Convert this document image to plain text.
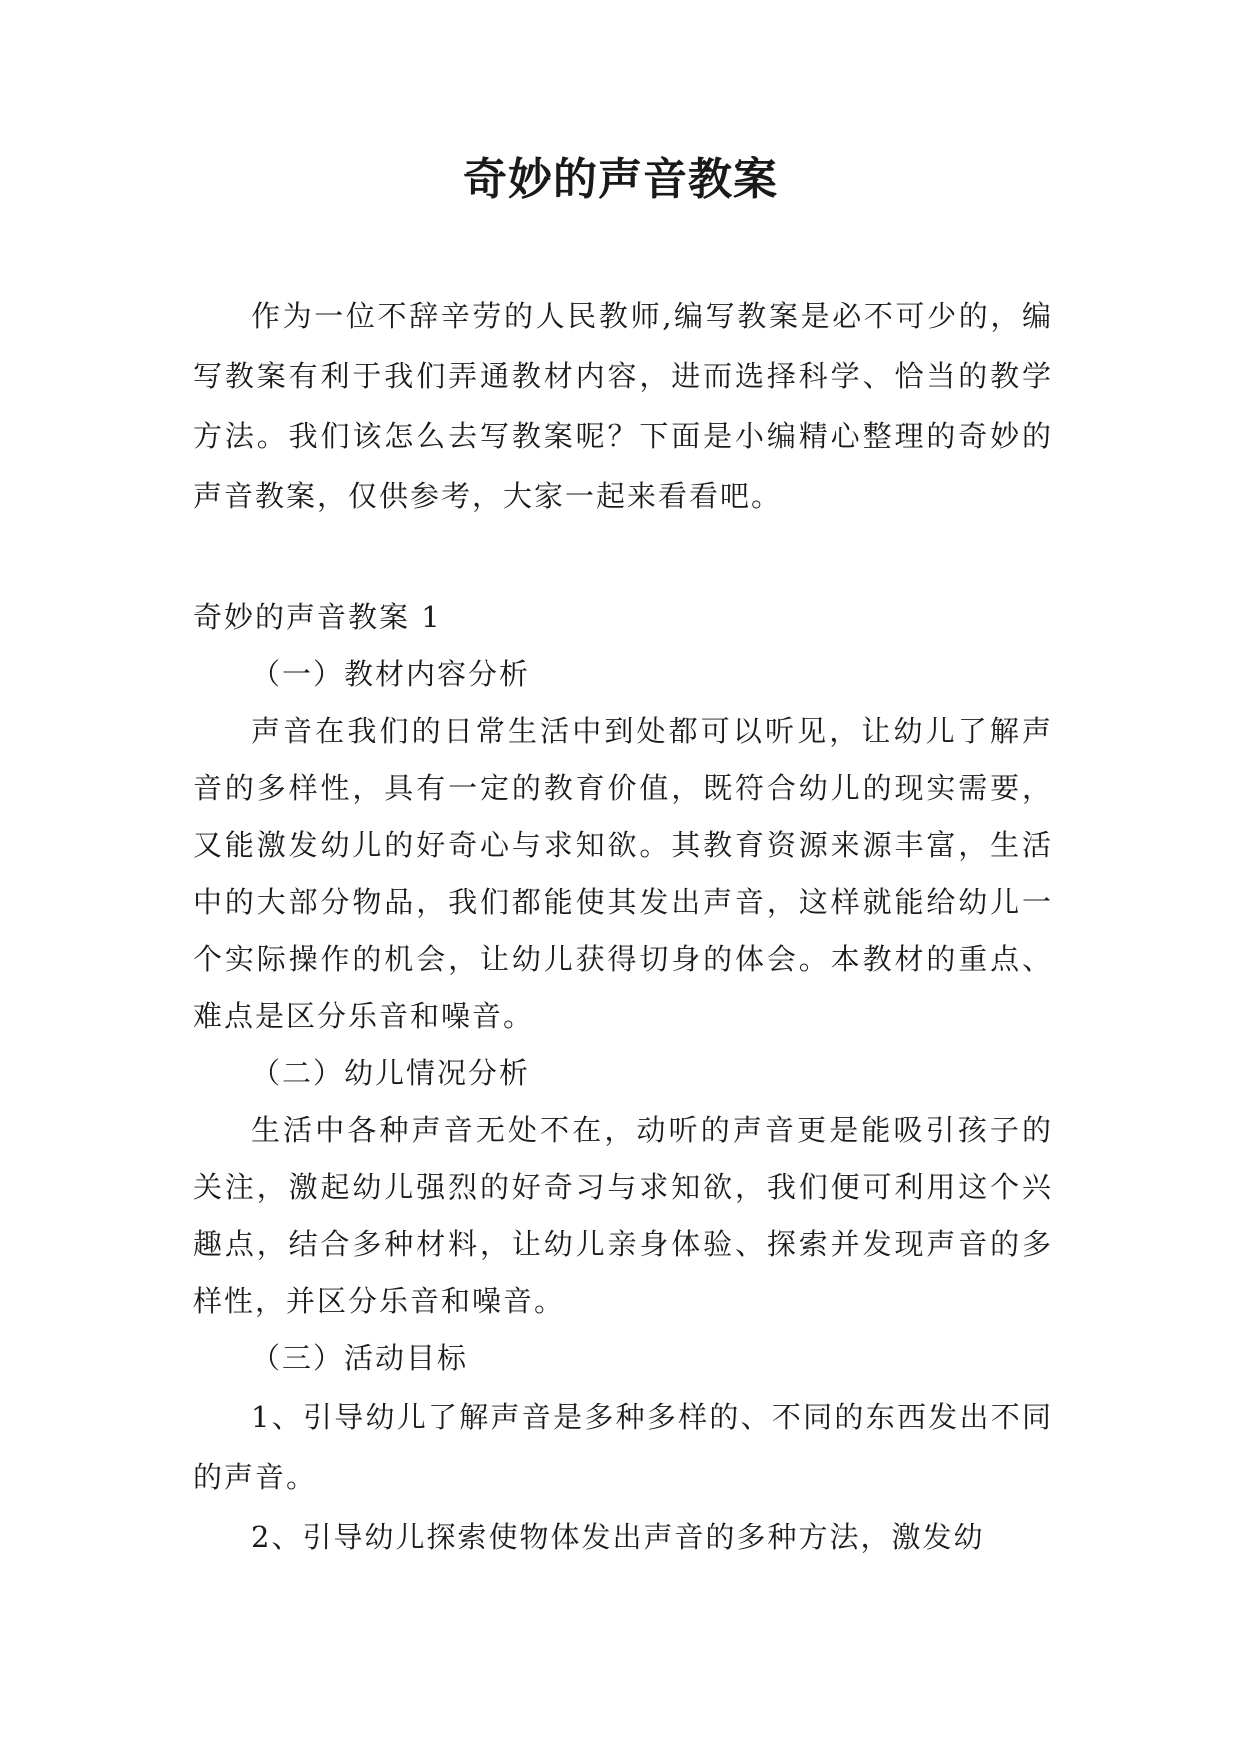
奇妙的声音教案

作为一位不辞辛劳的人民教师,编写教案是必不可少的，编写教案有利于我们弄通教材内容，进而选择科学、恰当的教学方法。我们该怎么去写教案呢？下面是小编精心整理的奇妙的声音教案，仅供参考，大家一起来看看吧。

奇妙的声音教案 1

（一）教材内容分析

声音在我们的日常生活中到处都可以听见，让幼儿了解声音的多样性，具有一定的教育价值，既符合幼儿的现实需要，又能激发幼儿的好奇心与求知欲。其教育资源来源丰富，生活中的大部分物品，我们都能使其发出声音，这样就能给幼儿一个实际操作的机会，让幼儿获得切身的体会。本教材的重点、难点是区分乐音和噪音。

（二）幼儿情况分析

生活中各种声音无处不在，动听的声音更是能吸引孩子的关注，激起幼儿强烈的好奇习与求知欲，我们便可利用这个兴趣点，结合多种材料，让幼儿亲身体验、探索并发现声音的多样性，并区分乐音和噪音。

（三）活动目标

1、引导幼儿了解声音是多种多样的、不同的东西发出不同的声音。

2、引导幼儿探索使物体发出声音的多种方法，激发幼
